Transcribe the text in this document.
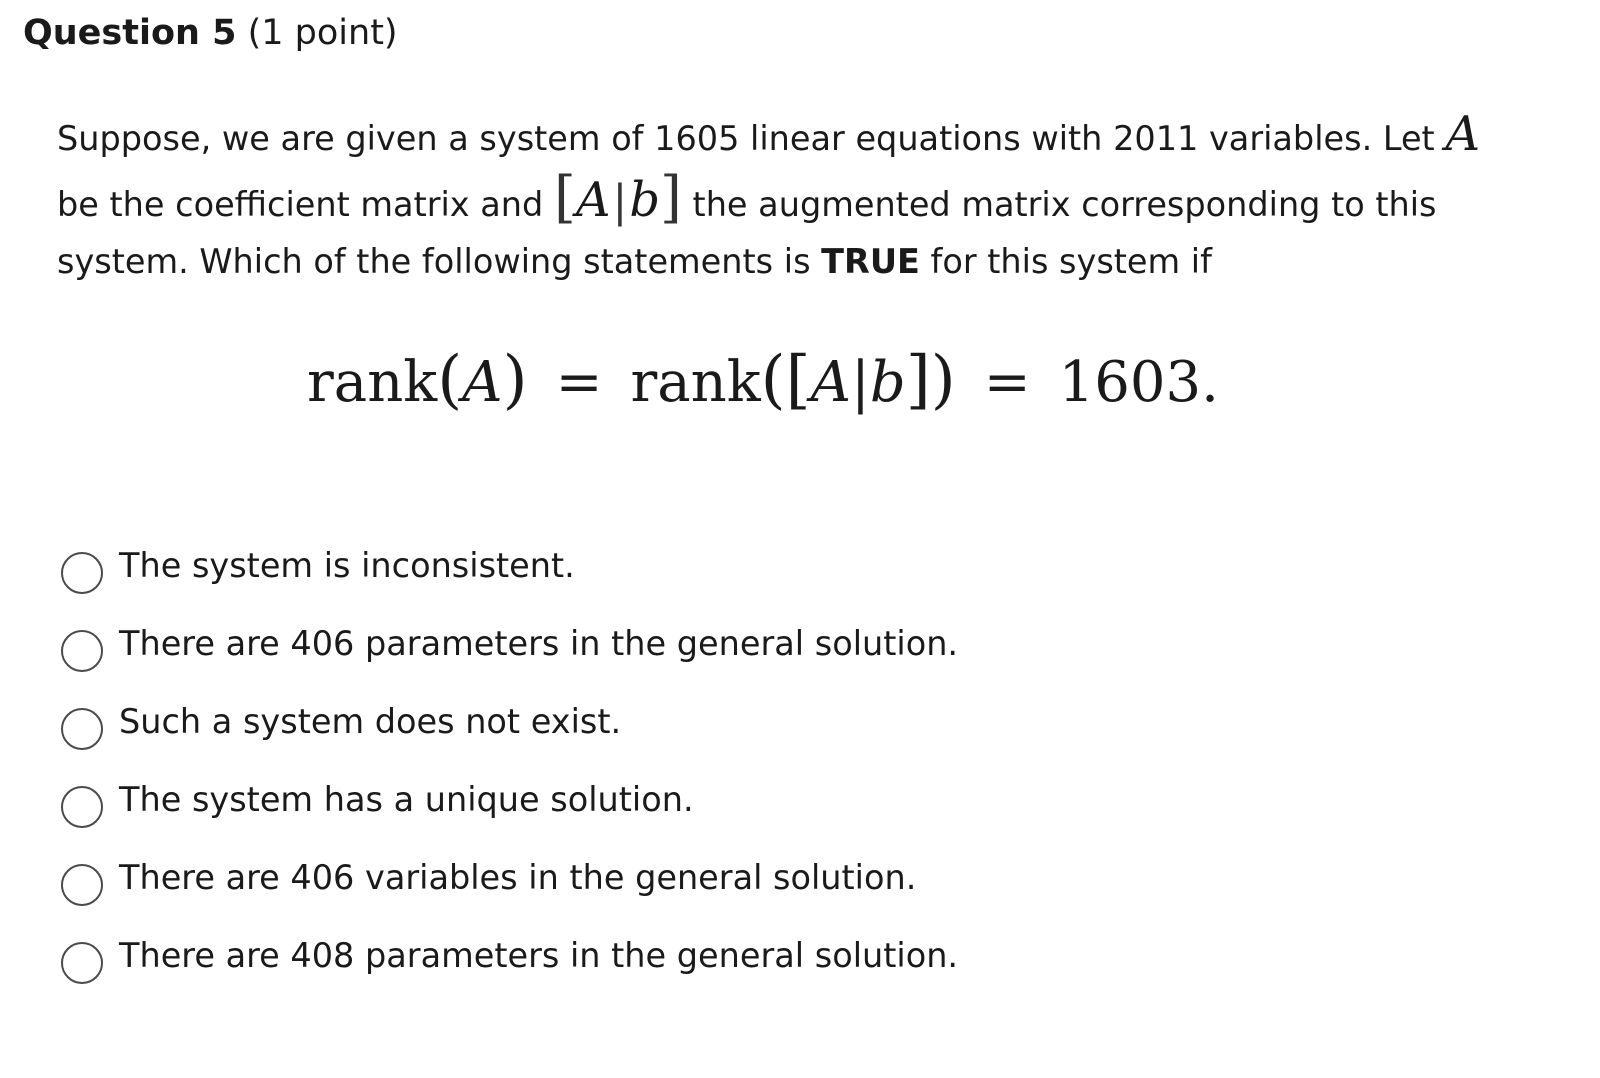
Question 5 (1 point)
Suppose, we are given a system of 1605 linear equations with 2011 variables. Let A
be the coefficient matrix and [A|b] the augmented matrix corresponding to this
system. Which of the following statements is TRUE for this system if
rank(A) = rank([A|b]) = 1603.
The system is inconsistent.
There are 406 parameters in the general solution.
Such a system does not exist.
The system has a unique solution.
There are 406 variables in the general solution.
There are 408 parameters in the general solution.
